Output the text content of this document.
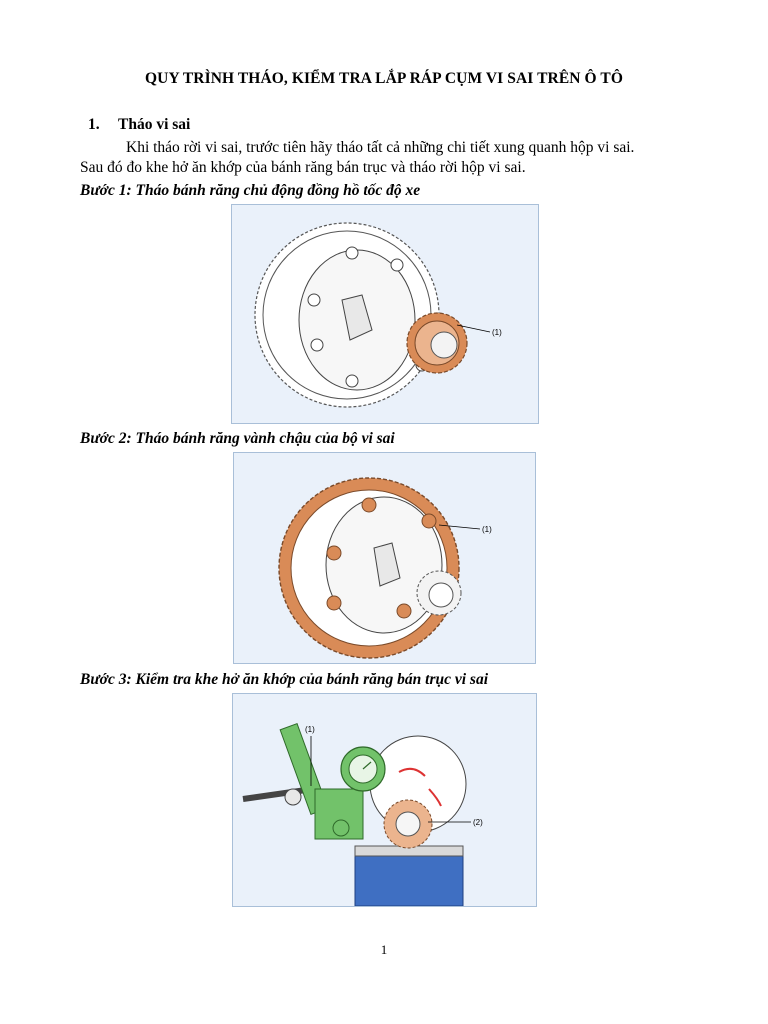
QUY TRÌNH THÁO, KIỂM TRA LẮP RÁP CỤM VI SAI TRÊN Ô TÔ
1. Tháo vi sai
Khi tháo rời vi sai, trước tiên hãy tháo tất cả những chi tiết xung quanh hộp vi sai.
Sau đó đo khe hở ăn khớp của bánh răng bán trục và tháo rời hộp vi sai.
Bước 1: Tháo bánh răng chủ động đồng hồ tốc độ xe
(1)
Bước 2: Tháo bánh răng vành chậu của bộ vi sai
(1)
Bước 3: Kiểm tra khe hở ăn khớp của bánh răng bán trục vi sai
(1)
(2)
1
